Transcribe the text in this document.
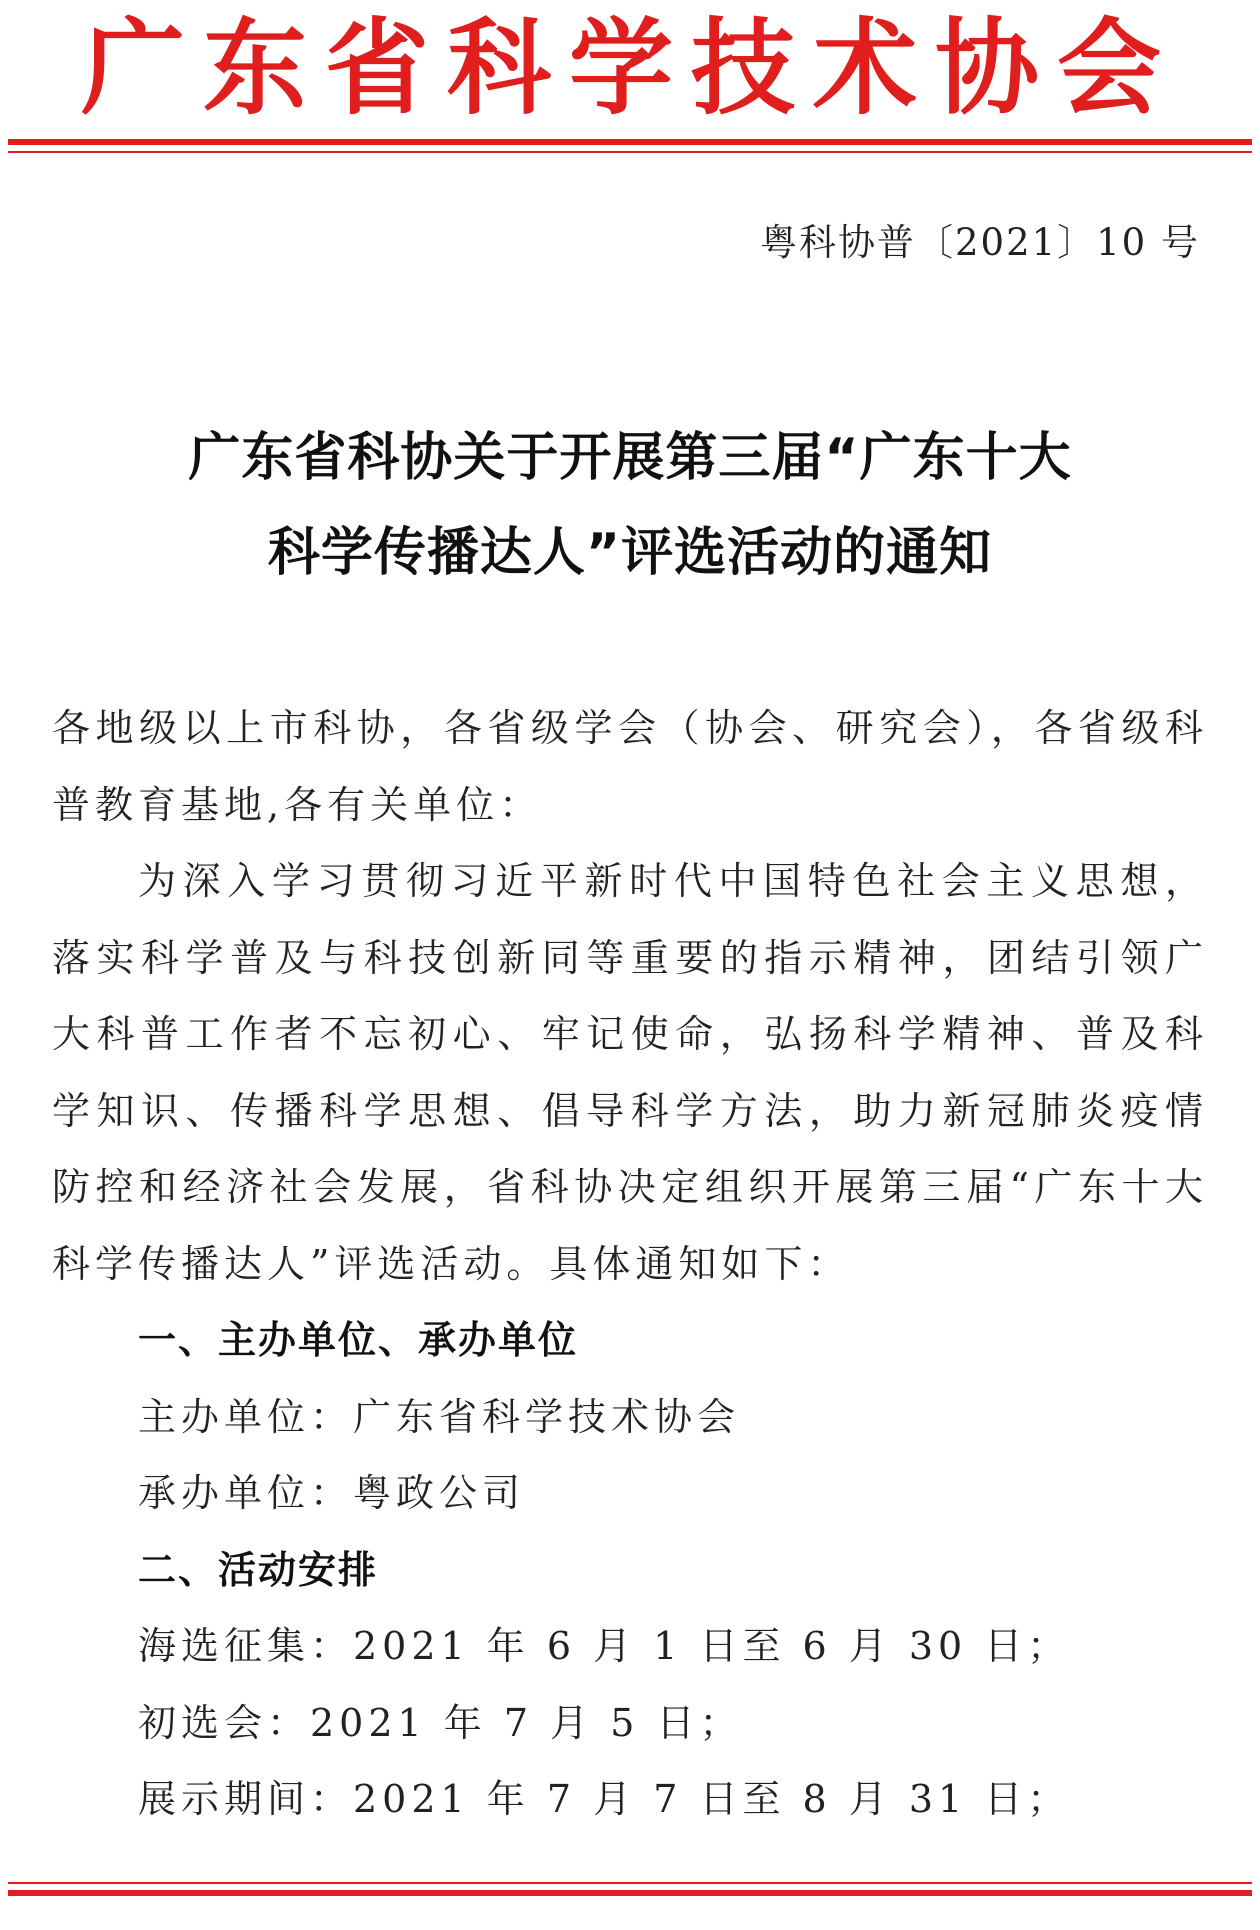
广东省科学技术协会
粤科协普〔2021〕10 号
广东省科协关于开展第三届“广东十大
科学传播达人”评选活动的通知

各地级以上市科协，各省级学会（协会、研究会），各省级科普教育基地,各有关单位：

为深入学习贯彻习近平新时代中国特色社会主义思想，落实科学普及与科技创新同等重要的指示精神，团结引领广大科普工作者不忘初心、牢记使命，弘扬科学精神、普及科学知识、传播科学思想、倡导科学方法，助力新冠肺炎疫情防控和经济社会发展，省科协决定组织开展第三届“广东十大科学传播达人”评选活动。具体通知如下：

一、主办单位、承办单位

主办单位：广东省科学技术协会

承办单位：粤政公司

二、活动安排

海选征集：2021 年 6 月 1 日至 6 月 30 日；

初选会：2021 年 7 月 5 日；

展示期间：2021 年 7 月 7 日至 8 月 31 日；
